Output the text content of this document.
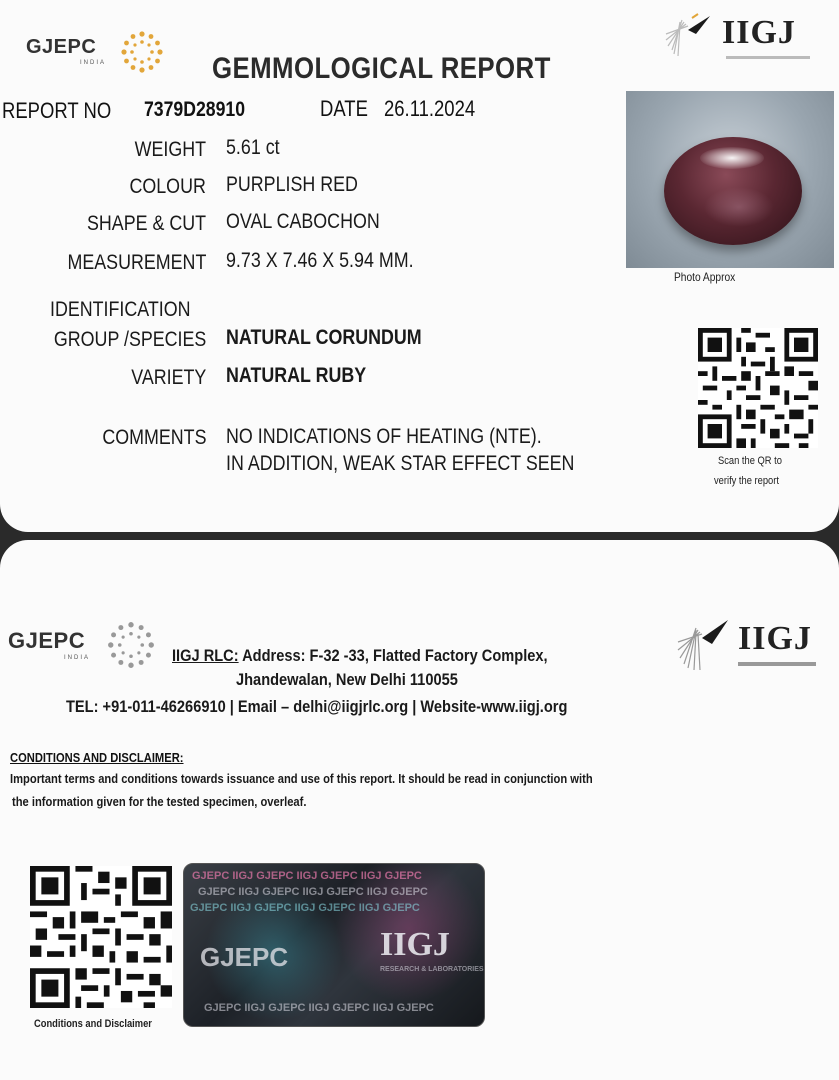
GJEPC
INDIA
IIGJ
GEMMOLOGICAL REPORT
REPORT NO	7379D28910	DATE 26.11.2024
WEIGHT 5.61 ct
COLOUR PURPLISH RED
SHAPE & CUT OVAL CABOCHON
MEASUREMENT 9.73 X 7.46 X 5.94 MM.
IDENTIFICATION
GROUP /SPECIES NATURAL CORUNDUM
VARIETY NATURAL RUBY
COMMENTS NO INDICATIONS OF HEATING (NTE).
IN ADDITION, WEAK STAR EFFECT SEEN
Photo Approx
Scan the QR to
verify the report
GJEPC
INDIA
IIGJ
IIGJ RLC: Address: F-32 -33, Flatted Factory Complex,
Jhandewalan, New Delhi 110055
TEL: +91-011-46266910 | Email – delhi@iigjrlc.org | Website-www.iigj.org
CONDITIONS AND DISCLAIMER:
Important terms and conditions towards issuance and use of this report. It should be read in conjunction with
the information given for the tested specimen, overleaf.
Conditions and Disclaimer
GJEPC IIGJ GJEPC IIGJ GJEPC IIGJ GJEPC
GJEPC IIGJ GJEPC IIGJ GJEPC IIGJ GJEPC
GJEPC IIGJ GJEPC IIGJ GJEPC IIGJ GJEPC
GJEPC	IIGJ
RESEARCH & LABORATORIES
GJEPC IIGJ GJEPC IIGJ GJEPC IIGJ GJEPC
